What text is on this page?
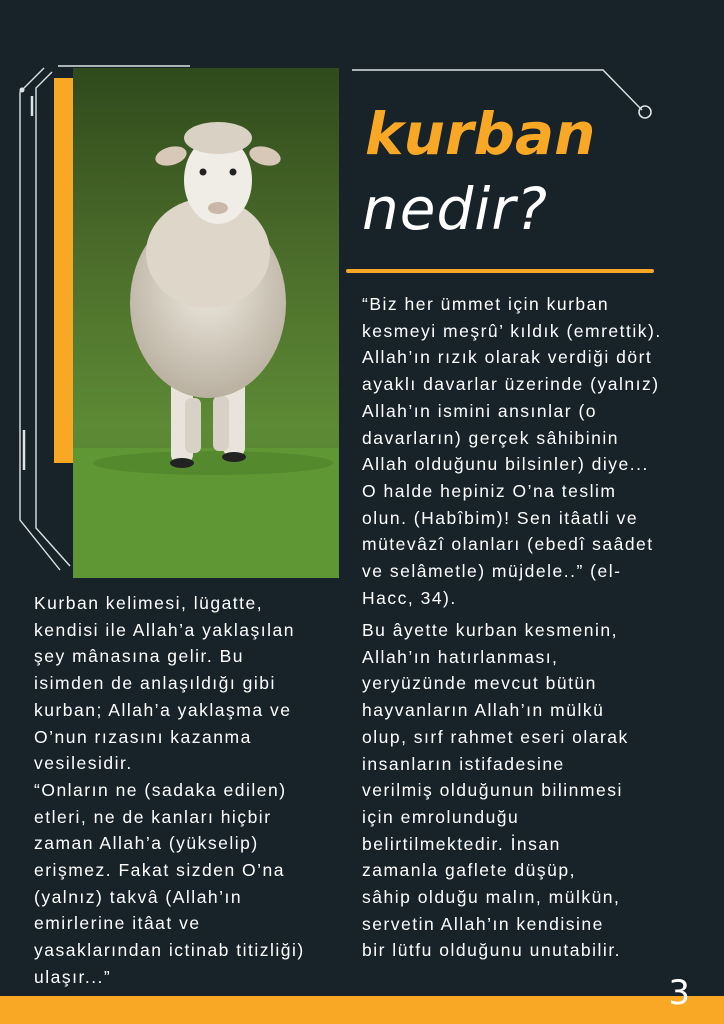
kurban
nedir?

“Biz her ümmet için kurban
kesmeyi meşrû’ kıldık (emrettik).
Allah’ın rızık olarak verdiği dört
ayaklı davarlar üzerinde (yalnız)
Allah’ın ismini ansınlar (o
davarların) gerçek sâhibinin
Allah olduğunu bilsinler) diye...
O halde hepiniz O’na teslim
olun. (Habîbim)! Sen itâatli ve
mütevâzî olanları (ebedî saâdet
ve selâmetle) müjdele..” (el-
Hacc, 34).

Bu âyette kurban kesmenin,
Allah’ın hatırlanması,
yeryüzünde mevcut bütün
hayvanların Allah’ın mülkü
olup, sırf rahmet eseri olarak
insanların istifadesine
verilmiş olduğunun bilinmesi
için emrolunduğu
belirtilmektedir. İnsan
zamanla gaflete düşüp,
sâhip olduğu malın, mülkün,
servetin Allah’ın kendisine
bir lütfu olduğunu unutabilir.

Kurban kelimesi, lügatte,
kendisi ile Allah’a yaklaşılan
şey mânasına gelir. Bu
isimden de anlaşıldığı gibi
kurban; Allah’a yaklaşma ve
O’nun rızasını kazanma
vesilesidir.
“Onların ne (sadaka edilen)
etleri, ne de kanları hiçbir
zaman Allah’a (yükselip)
erişmez. Fakat sizden O’na
(yalnız) takvâ (Allah’ın
emirlerine itâat ve
yasaklarından ictinab titizliği)
ulaşır...”	3
